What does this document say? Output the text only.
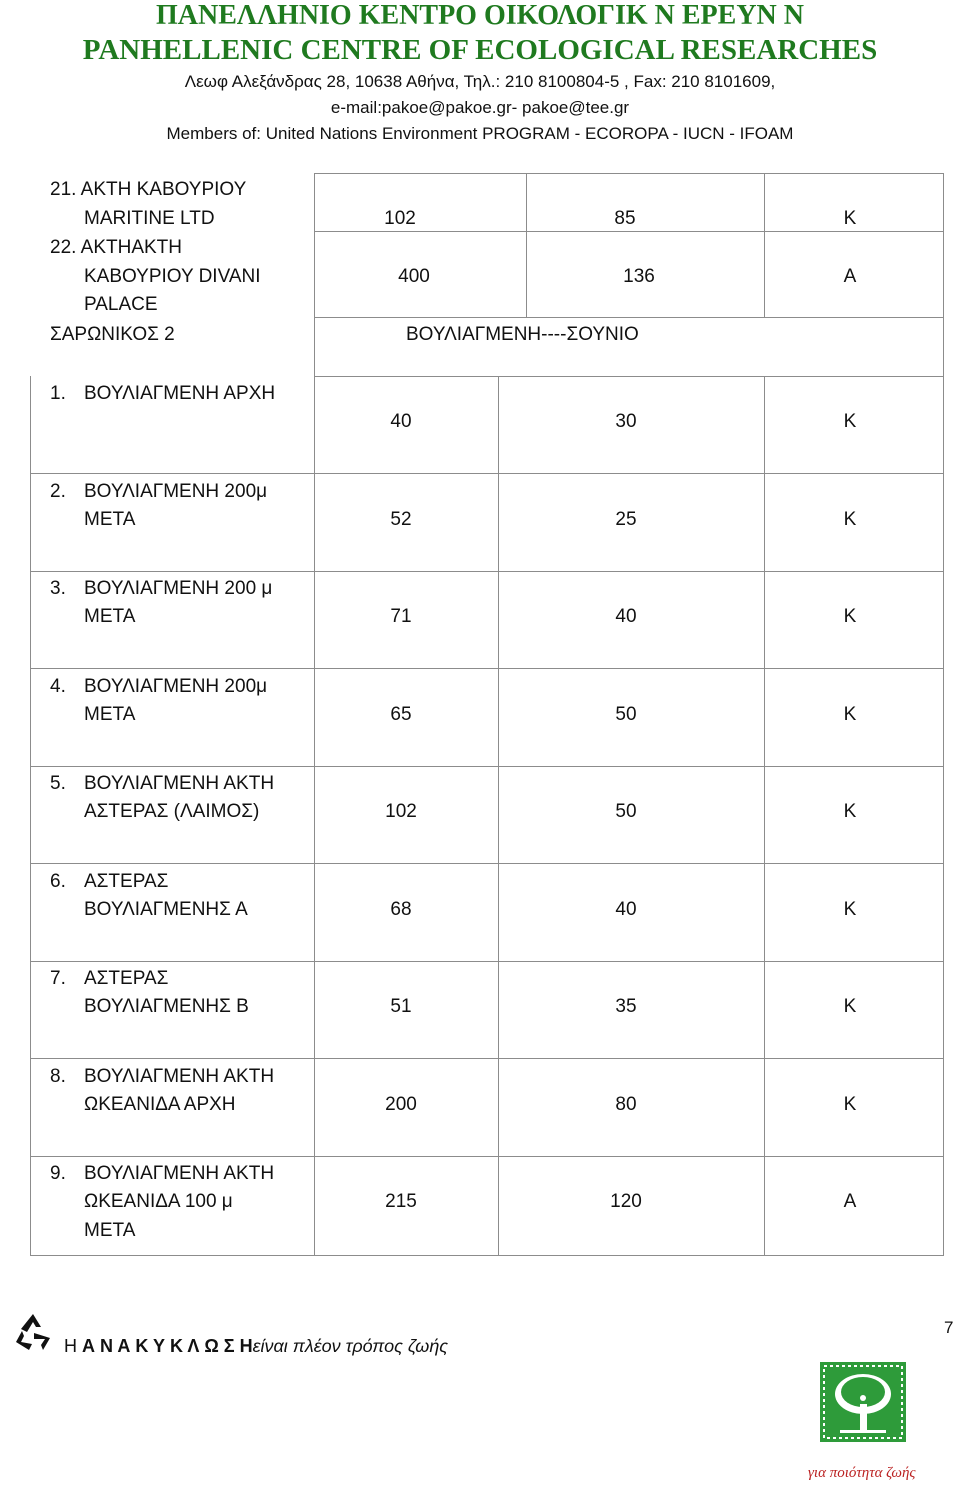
ΠΑΝΕΛΛΗΝΙΟ ΚΕΝΤΡΟ ΟΙΚΟΛΟΓΙΚ Ν ΕΡΕΥΝ Ν
PANHELLENIC CENTRE OF ECOLOGICAL RESEARCHES
Λεωφ Αλεξάνδρας 28, 10638 Αθήνα, Τηλ.: 210 8100804-5 , Fax: 210 8101609,
e-mail:pakoe@pakoe.gr- pakoe@tee.gr
Members of: United Nations Environment PROGRAM - ECOROPA - IUCN - IFOAM
21. ΑΚΤΗ ΚΑΒΟΥΡΙΟΥ
MARITINE LTD	102	85	Κ
22. ΑΚΤΗΑΚΤΗ
ΚΑΒΟΥΡΙΟΥ DIVANI
PALACE
400	136	Α
ΣΑΡΩΝΙΚΟΣ 2	ΒΟΥΛΙΑΓΜΕΝΗ----ΣΟΥΝΙΟ
1. ΒΟΥΛΙΑΓΜΕΝΗ ΑΡΧΗ
40	30	Κ
2. ΒΟΥΛΙΑΓΜΕΝΗ 200μ
ΜΕΤΑ	52	25	Κ
3. ΒΟΥΛΙΑΓΜΕΝΗ 200 μ
ΜΕΤΑ	71	40	Κ
4. ΒΟΥΛΙΑΓΜΕΝΗ 200μ
ΜΕΤΑ	65	50	Κ
5. ΒΟΥΛΙΑΓΜΕΝΗ ΑΚΤΗ
ΑΣΤΕΡΑΣ (ΛΑΙΜΟΣ)	102	50	Κ
6. ΑΣΤΕΡΑΣ
ΒΟΥΛΙΑΓΜΕΝΗΣ Α	68	40	Κ
7. ΑΣΤΕΡΑΣ
ΒΟΥΛΙΑΓΜΕΝΗΣ Β	51	35	Κ
8. ΒΟΥΛΙΑΓΜΕΝΗ ΑΚΤΗ
ΩΚΕΑΝΙΔΑ ΑΡΧΗ	200	80	Κ
9. ΒΟΥΛΙΑΓΜΕΝΗ ΑΚΤΗ
ΩΚΕΑΝΙΔΑ 100 μ
ΜΕΤΑ
215	120	Α
Η Α Ν Α Κ Υ Κ Λ Ω Σ Ηείναι πλέον τρόπος ζωής
7
για ποιότητα ζωής
